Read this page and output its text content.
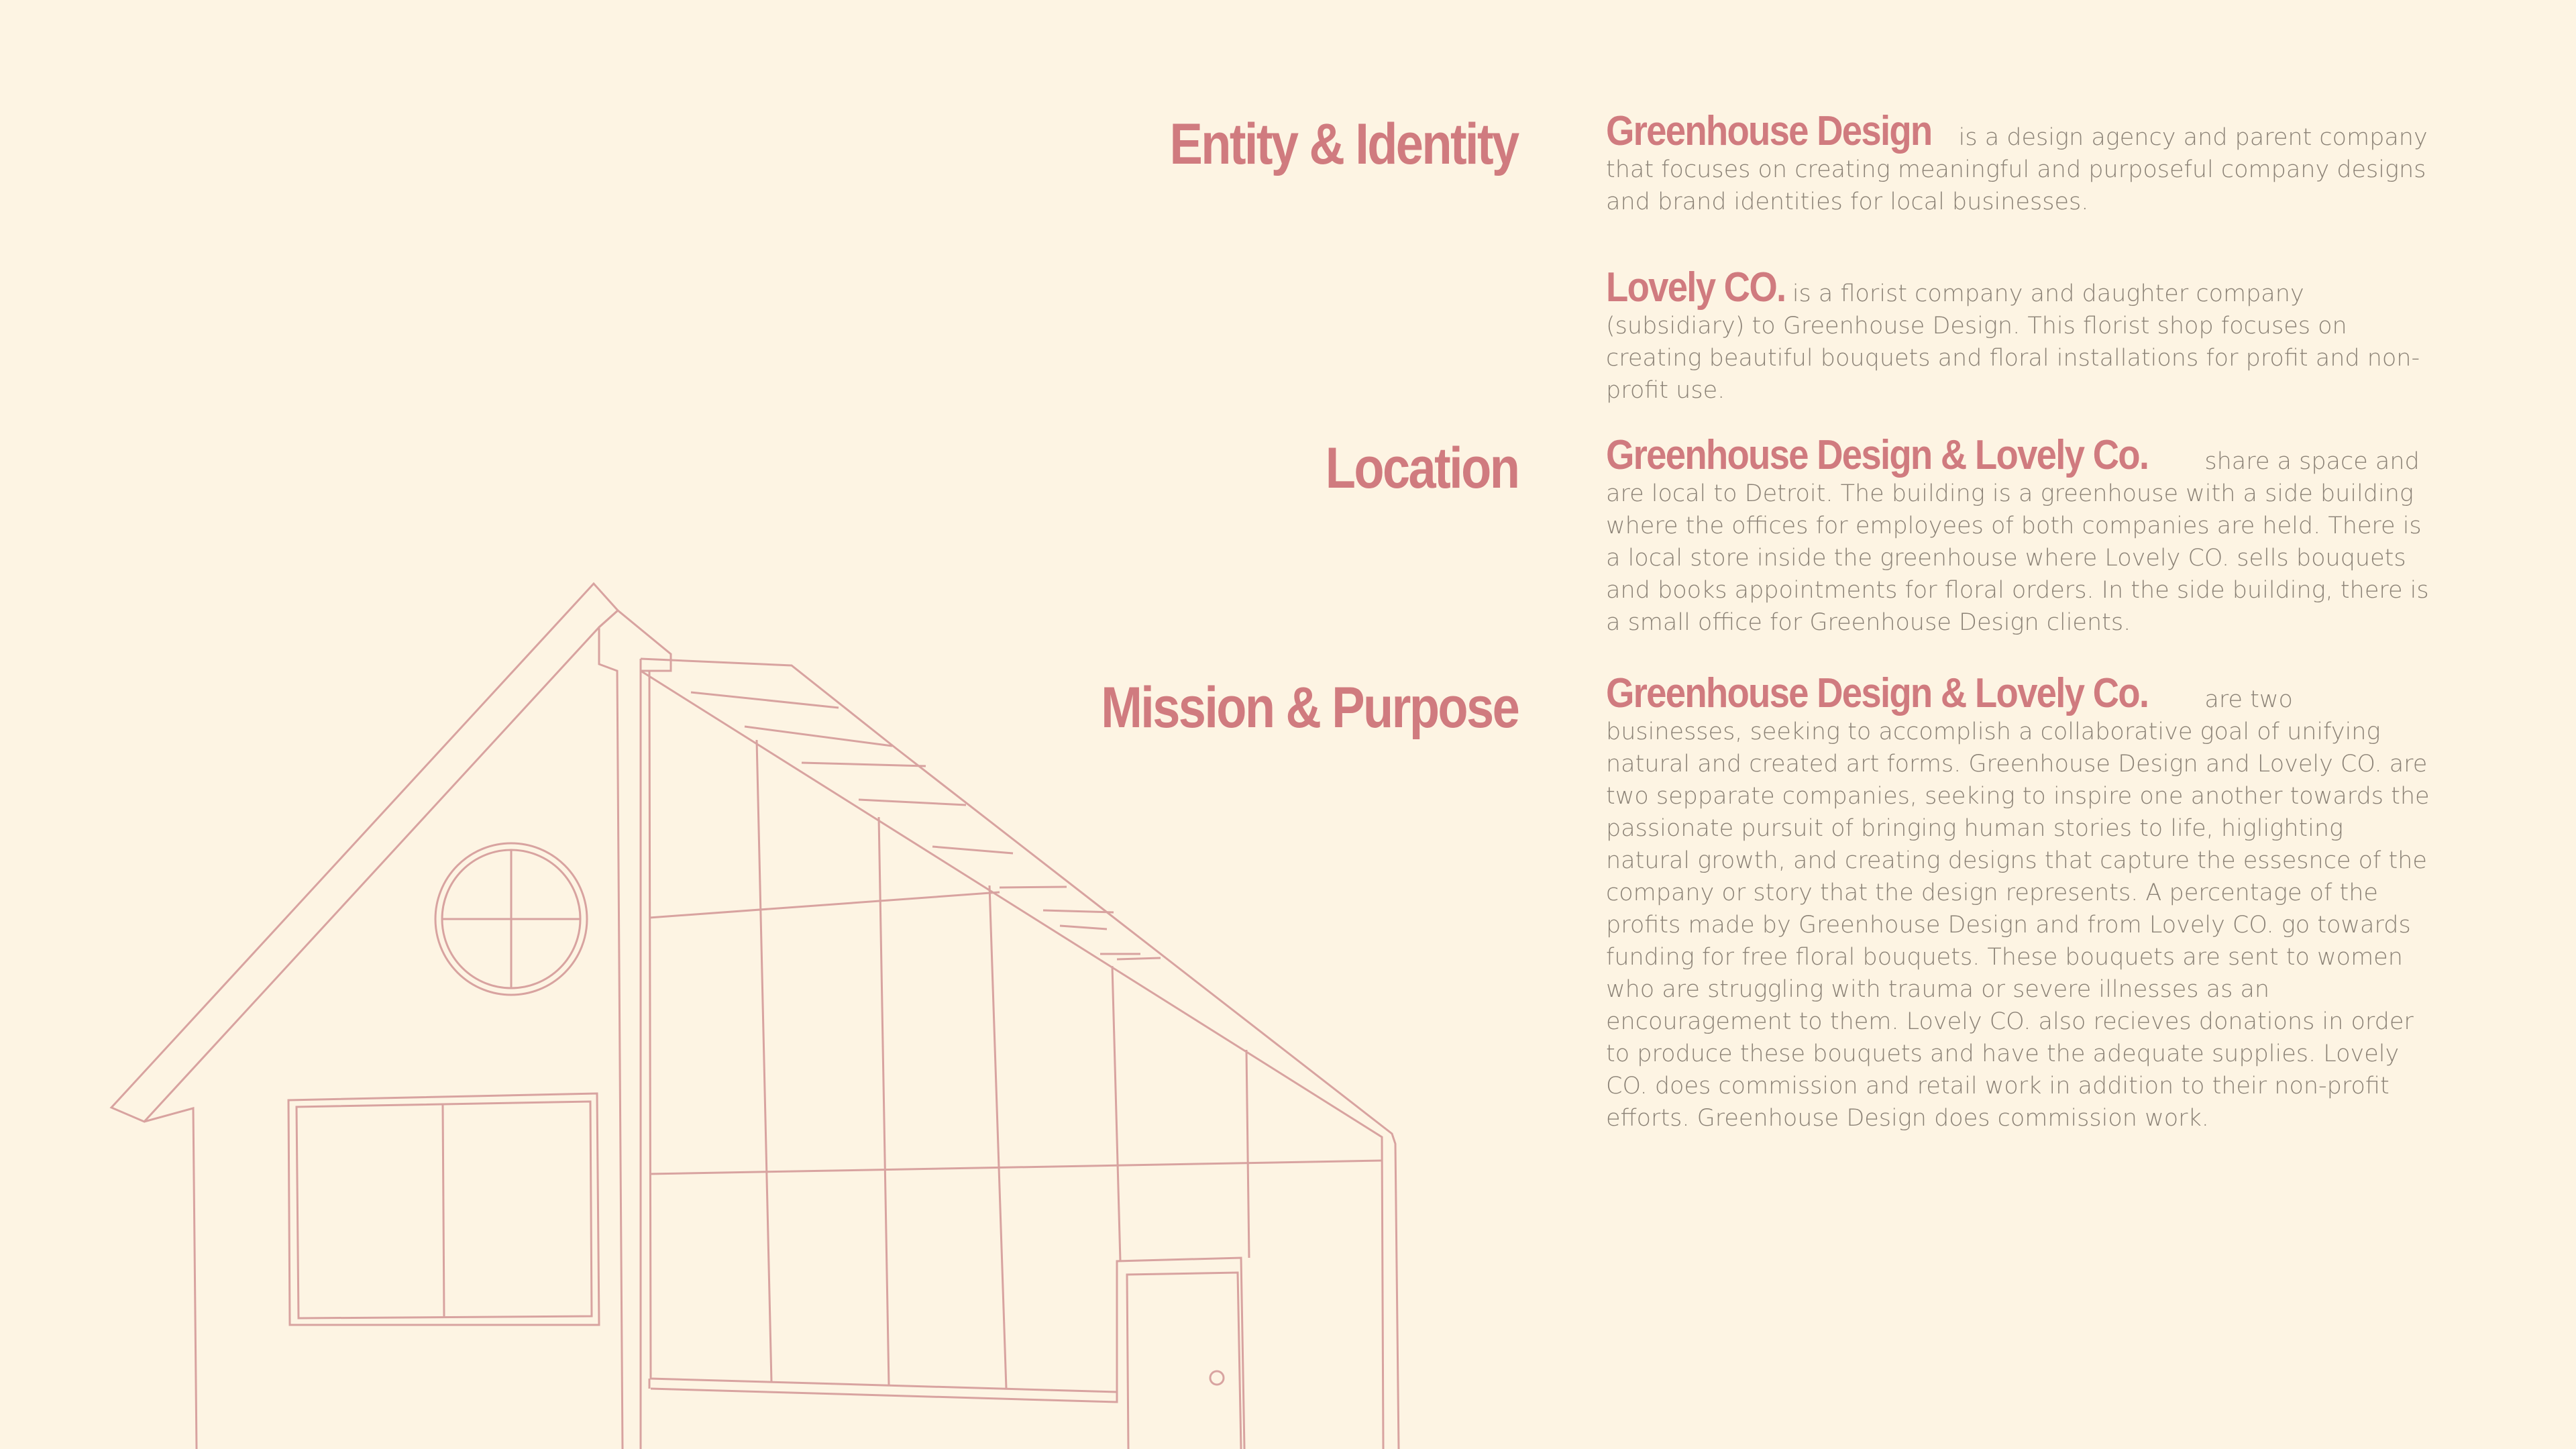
Entity & Identity
Location
Mission & Purpose

Greenhouse Design is a design agency and parent company that focuses on creating meaningful and purposeful company designs and brand identities for local businesses.

Lovely CO. is a florist company and daughter company (subsidiary) to Greenhouse Design. This florist shop focuses on creating beautiful bouquets and floral installations for profit and non-profit use.

Greenhouse Design & Lovely Co. share a space and are local to Detroit. The building is a greenhouse with a side building where the offices for employees of both companies are held. There is a local store inside the greenhouse where Lovely CO. sells bouquets and books appointments for floral orders. In the side building, there is a small office for Greenhouse Design clients.

Greenhouse Design & Lovely Co. are two businesses, seeking to accomplish a collaborative goal of unifying natural and created art forms. Greenhouse Design and Lovely CO. are two sepparate companies, seeking to inspire one another towards the passionate pursuit of bringing human stories to life, higlighting natural growth, and creating designs that capture the essesnce of the company or story that the design represents. A percentage of the profits made by Greenhouse Design and from Lovely CO. go towards funding for free floral bouquets. These bouquets are sent to women who are struggling with trauma or severe illnesses as an encouragement to them. Lovely CO. also recieves donations in order to produce these bouquets and have the adequate supplies. Lovely CO. does commission and retail work in addition to their non-profit efforts. Greenhouse Design does commission work.
